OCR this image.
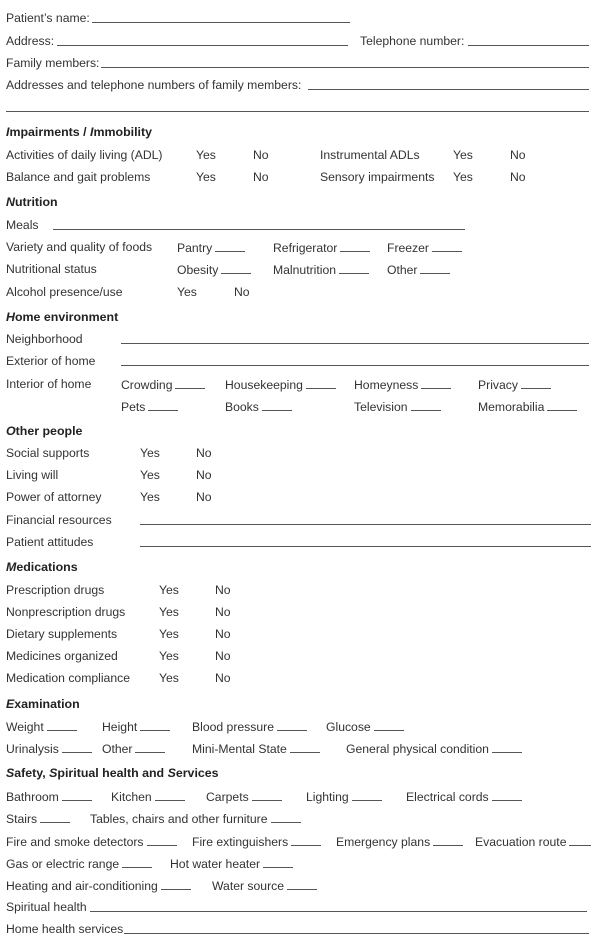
Patient’s name:
Address:	Telephone number:
Family members:
Addresses and telephone numbers of family members:
Impairments / Immobility
Activities of daily living (ADL)	Yes	No	Instrumental ADLs	Yes	No
Balance and gait problems	Yes	No	Sensory impairments Yes	No
Nutrition
Meals
Variety and quality of foods Pantry	Refrigerator	Freezer
Nutritional status	Obesity	Malnutrition	Other
Alcohol presence/use	Yes	No
Home environment
Neighborhood
Exterior of home
Interior of home Crowding	Housekeeping	Homeyness	Privacy
Pets	Books	Television	Memorabilia
Other people
Social supports	Yes	No
Living will	Yes	No
Power of attorney	Yes	No
Financial resources
Patient attitudes
Medications
Prescription drugs	Yes	No
Nonprescription drugs	Yes	No
Dietary supplements	Yes	No
Medicines organized	Yes	No
Medication compliance Yes	No
Examination
Weight	Height	Blood pressure	Glucose
Urinalysis	Other	Mini-Mental State	General physical condition
Safety, Spiritual health and Services
Bathroom	Kitchen	Carpets	Lighting	Electrical cords
Stairs	Tables, chairs and other furniture
Fire and smoke detectors	Fire extinguishers	Emergency plans	Evacuation route
Gas or electric range	Hot water heater
Heating and air-conditioning	Water source
Spiritual health
Home health services
